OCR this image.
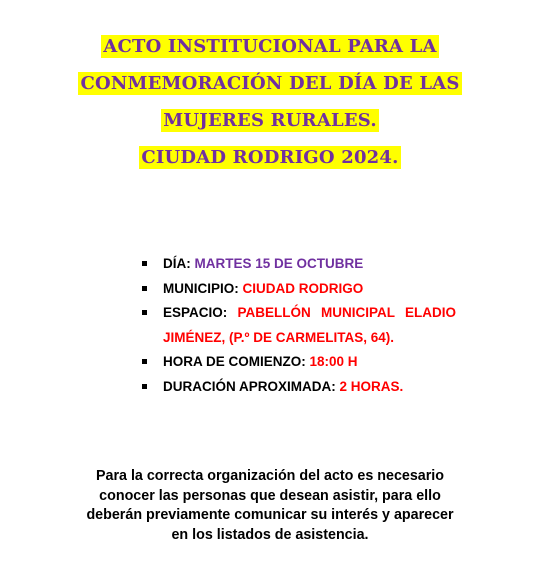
ACTO INSTITUCIONAL PARA LA
CONMEMORACIÓN DEL DÍA DE LAS
MUJERES RURALES.
CIUDAD RODRIGO 2024.
DÍA: MARTES 15 DE OCTUBRE
MUNICIPIO: CIUDAD RODRIGO
ESPACIO: PABELLÓN MUNICIPAL ELADIO
JIMÉNEZ, (P.º DE CARMELITAS, 64).
HORA DE COMIENZO: 18:00 H
DURACIÓN APROXIMADA: 2 HORAS.
Para la correcta organización del acto es necesario
conocer las personas que desean asistir, para ello
deberán previamente comunicar su interés y aparecer
en los listados de asistencia.
